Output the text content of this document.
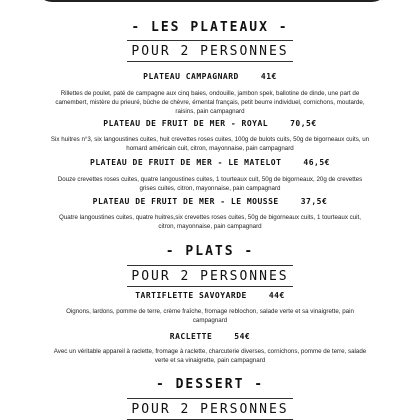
- LES PLATEAUX -
POUR 2 PERSONNES
PLATEAU CAMPAGNARD	41€
Rillettes de poulet, paté de campagne aux cinq baies, ondouille, jambon spek, ballotine de dinde, une part de camembert, mistère du prieuré, bûche de chèvre, émental français, petit beurre individuel, cornichons, moutarde, raisins, pain campagnard
PLATEAU DE FRUIT DE MER - ROYAL	70,5€
Six huitres n°3, six langoustines cuites, huit crevettes roses cuites, 100g de bulots cuits, 50g de bigorneaux cuits, un homard américain cuit, citron, mayonnaise, pain campagnard
PLATEAU DE FRUIT DE MER - LE MATELOT	46,5€
Douze crevettes roses cuites, quatre langoustines cuites, 1 tourteaux cuit, 50g de bigorneaux, 20g de crevettes grises cuites, citron, mayonnaise, pain campagnard
PLATEAU DE FRUIT DE MER - LE MOUSSE	37,5€
Quatre langoustines cuites, quatre huitres,six crevettes roses cuites, 50g de bigorneaux cuits, 1 tourteaux cuit, citron, mayonnaise, pain campagnard
- PLATS -
POUR 2 PERSONNES
TARTIFLETTE SAVOYARDE	44€
Oignons, lardons, pomme de terre, crème fraîche, fromage reblochon, salade verte et sa vinaigrette, pain campagnard
RACLETTE	54€
Avec un véritable appareil à raclette, fromage à raclette, charcuterie diverses, cornichons, pomme de terre, salade verte et sa vinaigrette, pain campagnard
- DESSERT -
POUR 2 PERSONNES
